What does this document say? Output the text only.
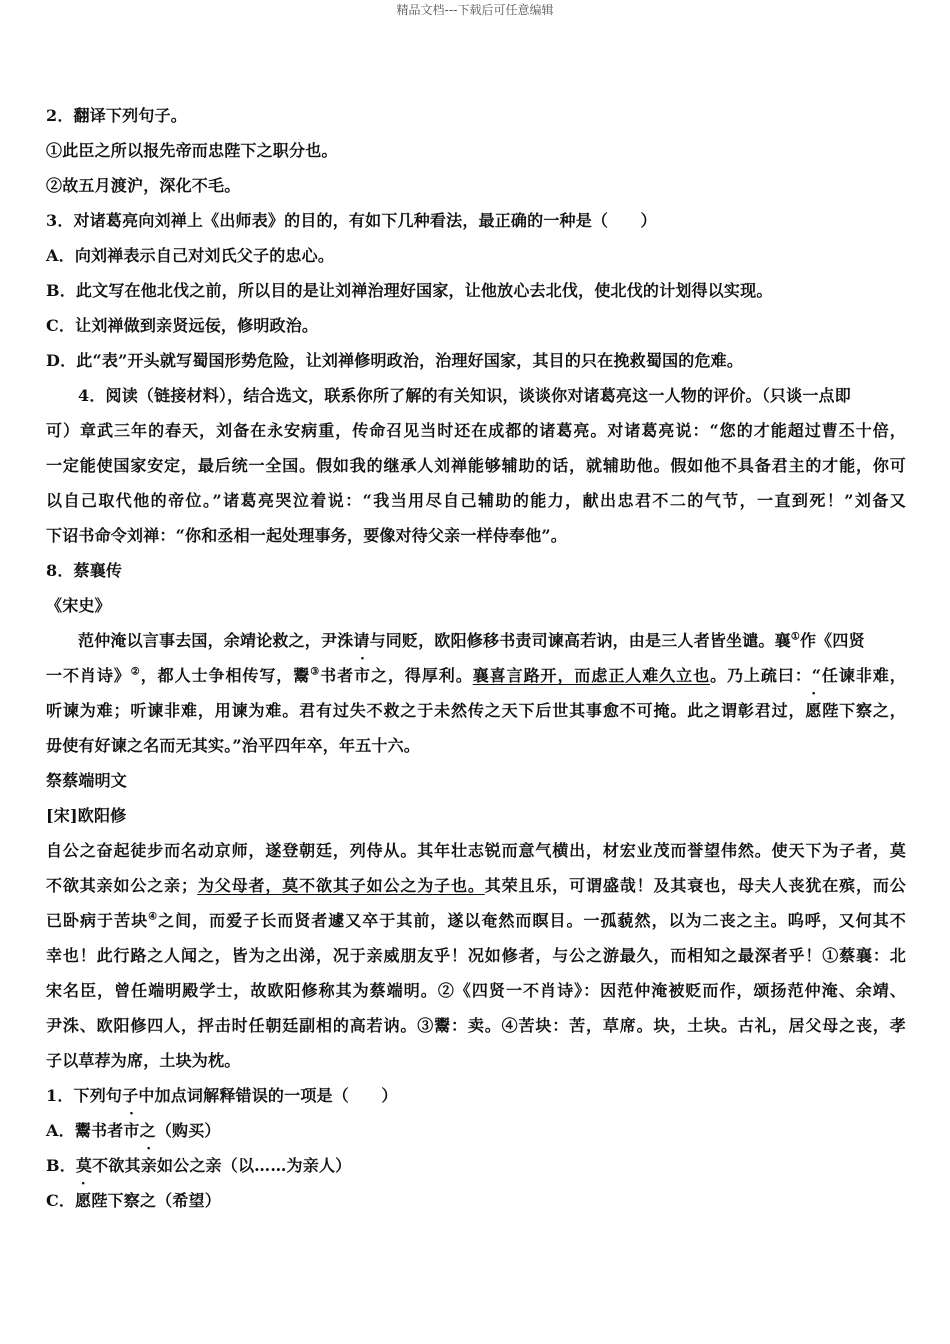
精品文档---下载后可任意编辑
2．翻译下列句子。
①此臣之所以报先帝而忠陛下之职分也。
②故五月渡沪，深化不毛。
3．对诸葛亮向刘禅上《出师表》的目的，有如下几种看法，最正确的一种是（　　）
A．向刘禅表示自己对刘氏父子的忠心。
B．此文写在他北伐之前，所以目的是让刘禅治理好国家，让他放心去北伐，使北伐的计划得以实现。
C．让刘禅做到亲贤远佞，修明政治。
D．此“表”开头就写蜀国形势危险，让刘禅修明政治，治理好国家，其目的只在挽救蜀国的危难。
4．阅读（链接材料），结合选文，联系你所了解的有关知识，谈谈你对诸葛亮这一人物的评价。（只谈一点即
可）章武三年的春天，刘备在永安病重，传命召见当时还在成都的诸葛亮。对诸葛亮说：“您的才能超过曹丕十倍，
一定能使国家安定，最后统一全国。假如我的继承人刘禅能够辅助的话，就辅助他。假如他不具备君主的才能，你可
以自己取代他的帝位。”诸葛亮哭泣着说：“我当用尽自己辅助的能力，献出忠君不二的气节，一直到死！”刘备又
下诏书命令刘禅：“你和丞相一起处理事务，要像对待父亲一样侍奉他”。
8．蔡襄传
《宋史》
范仲淹以言事去国，余靖论救之，尹洙请与同贬，欧阳修移书责司谏高若讷，由是三人者皆坐谴。襄①作《四贤
一不肖诗》②，都人士争相传写，鬻③书者市之，得厚利。襄喜言路开，而虑正人难久立也。乃上疏曰：“任谏非难，
听谏为难；听谏非难，用谏为难。君有过失不救之于未然传之天下后世其事愈不可掩。此之谓彰君过，愿陛下察之，
毋使有好谏之名而无其实。”治平四年卒，年五十六。
祭蔡端明文
[宋]欧阳修
自公之奋起徒步而名动京师，遂登朝廷，列侍从。其年壮志锐而意气横出，材宏业茂而誉望伟然。使天下为子者，莫
不欲其亲如公之亲；为父母者，莫不欲其子如公之为子也。其荣且乐，可谓盛哉！及其衰也，母夫人丧犹在殡，而公
已卧病于苦块④之间，而爱子长而贤者遽又卒于其前，遂以奄然而瞑目。一孤藐然，以为二丧之主。呜呼，又何其不
幸也！此行路之人闻之，皆为之出涕，况于亲威朋友乎！况如修者，与公之游最久，而相知之最深者乎！①蔡襄：北
宋名臣，曾任端明殿学士，故欧阳修称其为蔡端明。②《四贤一不肖诗》：因范仲淹被贬而作，颂扬范仲淹、余靖、
尹洙、欧阳修四人，抨击时任朝廷副相的高若讷。③鬻：卖。④苦块：苦，草席。块，土块。古礼，居父母之丧，孝
子以草荐为席，土块为枕。
1．下列句子中加点词解释错误的一项是（　　）
A．鬻书者市之（购买）
B．莫不欲其亲如公之亲（以……为亲人）
C．愿陛下察之（希望）
